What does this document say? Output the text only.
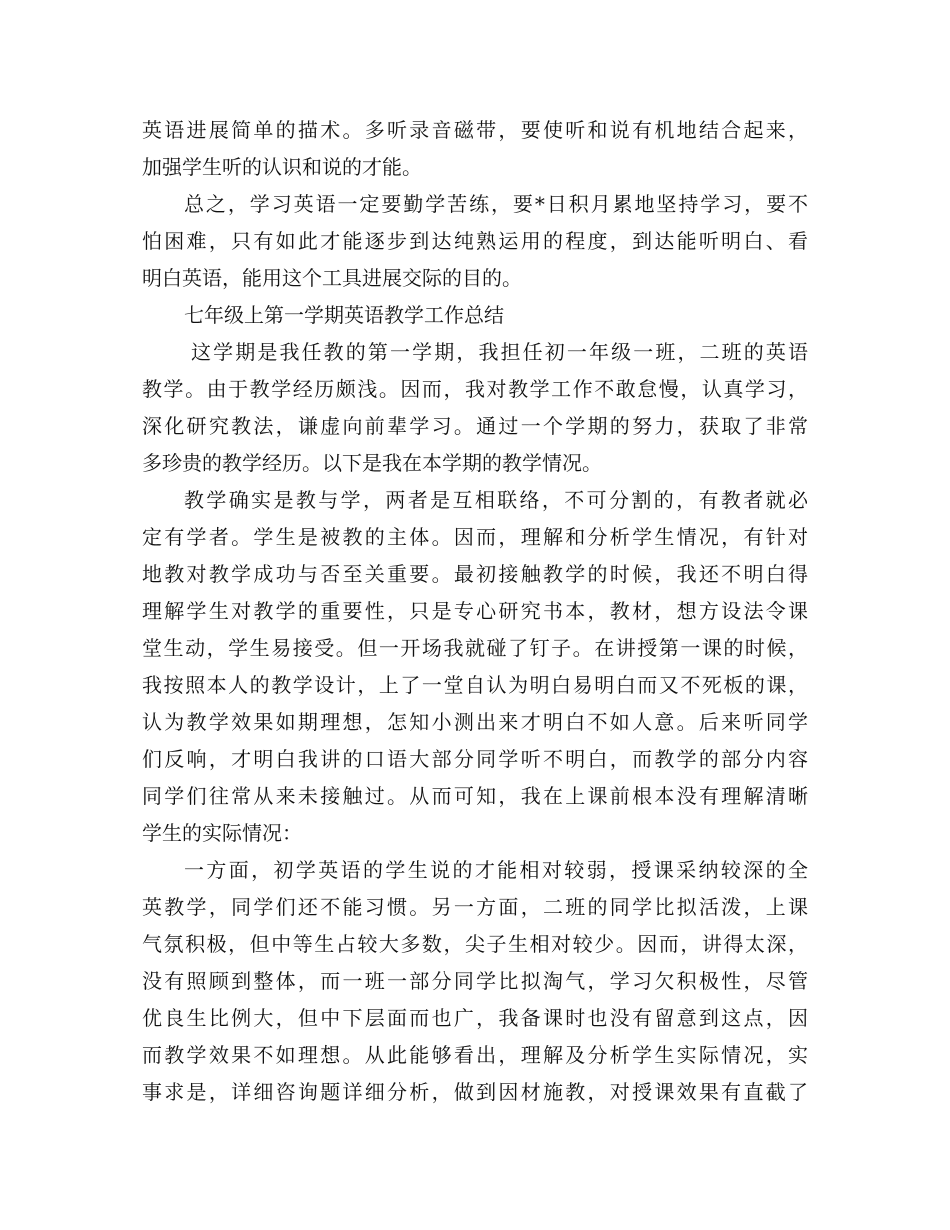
英语进展简单的描术。多听录音磁带，要使听和说有机地结合起来，
加强学生听的认识和说的才能。
总之，学习英语一定要勤学苦练，要*日积月累地坚持学习，要不
怕困难，只有如此才能逐步到达纯熟运用的程度，到达能听明白、看
明白英语，能用这个工具进展交际的目的。
七年级上第一学期英语教学工作总结
这学期是我任教的第一学期，我担任初一年级一班，二班的英语
教学。由于教学经历颇浅。因而，我对教学工作不敢怠慢，认真学习，
深化研究教法，谦虚向前辈学习。通过一个学期的努力，获取了非常
多珍贵的教学经历。以下是我在本学期的教学情况。
教学确实是教与学，两者是互相联络，不可分割的，有教者就必
定有学者。学生是被教的主体。因而，理解和分析学生情况，有针对
地教对教学成功与否至关重要。最初接触教学的时候，我还不明白得
理解学生对教学的重要性，只是专心研究书本，教材，想方设法令课
堂生动，学生易接受。但一开场我就碰了钉子。在讲授第一课的时候，
我按照本人的教学设计，上了一堂自认为明白易明白而又不死板的课，
认为教学效果如期理想，怎知小测出来才明白不如人意。后来听同学
们反响，才明白我讲的口语大部分同学听不明白，而教学的部分内容
同学们往常从来未接触过。从而可知，我在上课前根本没有理解清晰
学生的实际情况：
一方面，初学英语的学生说的才能相对较弱，授课采纳较深的全
英教学，同学们还不能习惯。另一方面，二班的同学比拟活泼，上课
气氛积极，但中等生占较大多数，尖子生相对较少。因而，讲得太深，
没有照顾到整体，而一班一部分同学比拟淘气，学习欠积极性，尽管
优良生比例大，但中下层面而也广，我备课时也没有留意到这点，因
而教学效果不如理想。从此能够看出，理解及分析学生实际情况，实
事求是，详细咨询题详细分析，做到因材施教，对授课效果有直截了
